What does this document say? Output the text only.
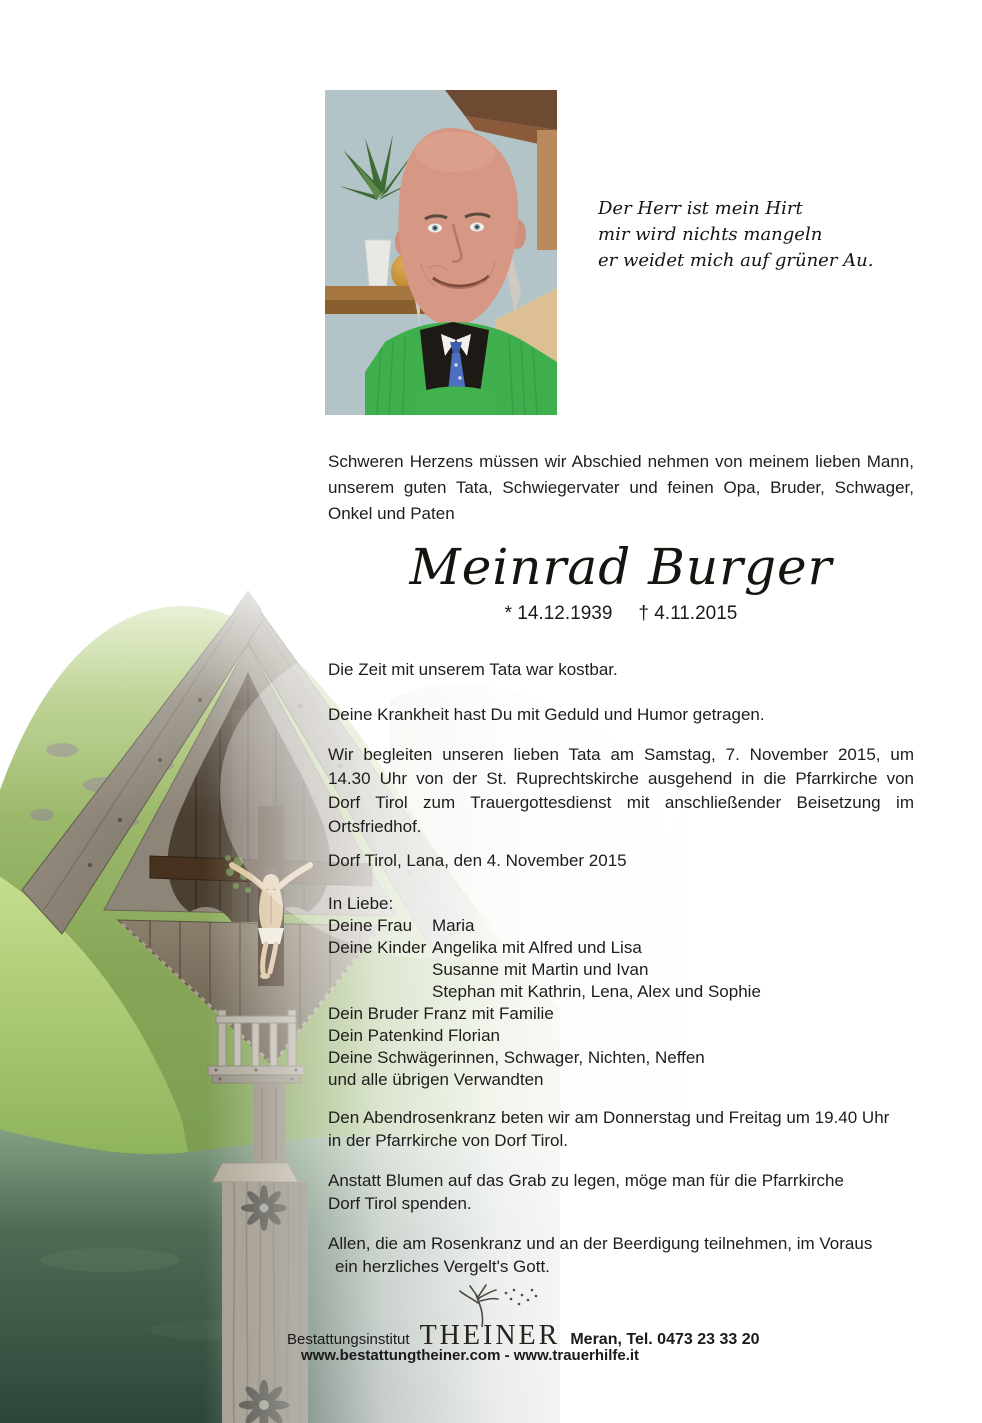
Der Herr ist mein Hirt
mir wird nichts mangeln
er weidet mich auf grüner Au.
Schweren Herzens müssen wir Abschied nehmen von meinem lieben Mann,
unserem guten Tata, Schwiegervater und feinen Opa, Bruder, Schwager,
Onkel und Paten
Meinrad Burger
* 14.12.1939 † 4.11.2015
Die Zeit mit unserem Tata war kostbar.
Deine Krankheit hast Du mit Geduld und Humor getragen.
Wir begleiten unseren lieben Tata am Samstag, 7. November 2015, um
14.30 Uhr von der St. Ruprechtskirche ausgehend in die Pfarrkirche von
Dorf Tirol zum Trauergottesdienst mit anschließender Beisetzung im
Ortsfriedhof.
Dorf Tirol, Lana, den 4. November 2015
In Liebe:
Deine Frau Maria
Deine Kinder Angelika mit Alfred und Lisa
Susanne mit Martin und Ivan
Stephan mit Kathrin, Lena, Alex und Sophie
Dein Bruder Franz mit Familie
Dein Patenkind Florian
Deine Schwägerinnen, Schwager, Nichten, Neffen
und alle übrigen Verwandten
Den Abendrosenkranz beten wir am Donnerstag und Freitag um 19.40 Uhr
in der Pfarrkirche von Dorf Tirol.
Anstatt Blumen auf das Grab zu legen, möge man für die Pfarrkirche
Dorf Tirol spenden.
Allen, die am Rosenkranz und an der Beerdigung teilnehmen, im Voraus
ein herzliches Vergelt's Gott.
Bestattungsinstitut THEINER Meran, Tel. 0473 23 33 20
www.bestattungtheiner.com - www.trauerhilfe.it
